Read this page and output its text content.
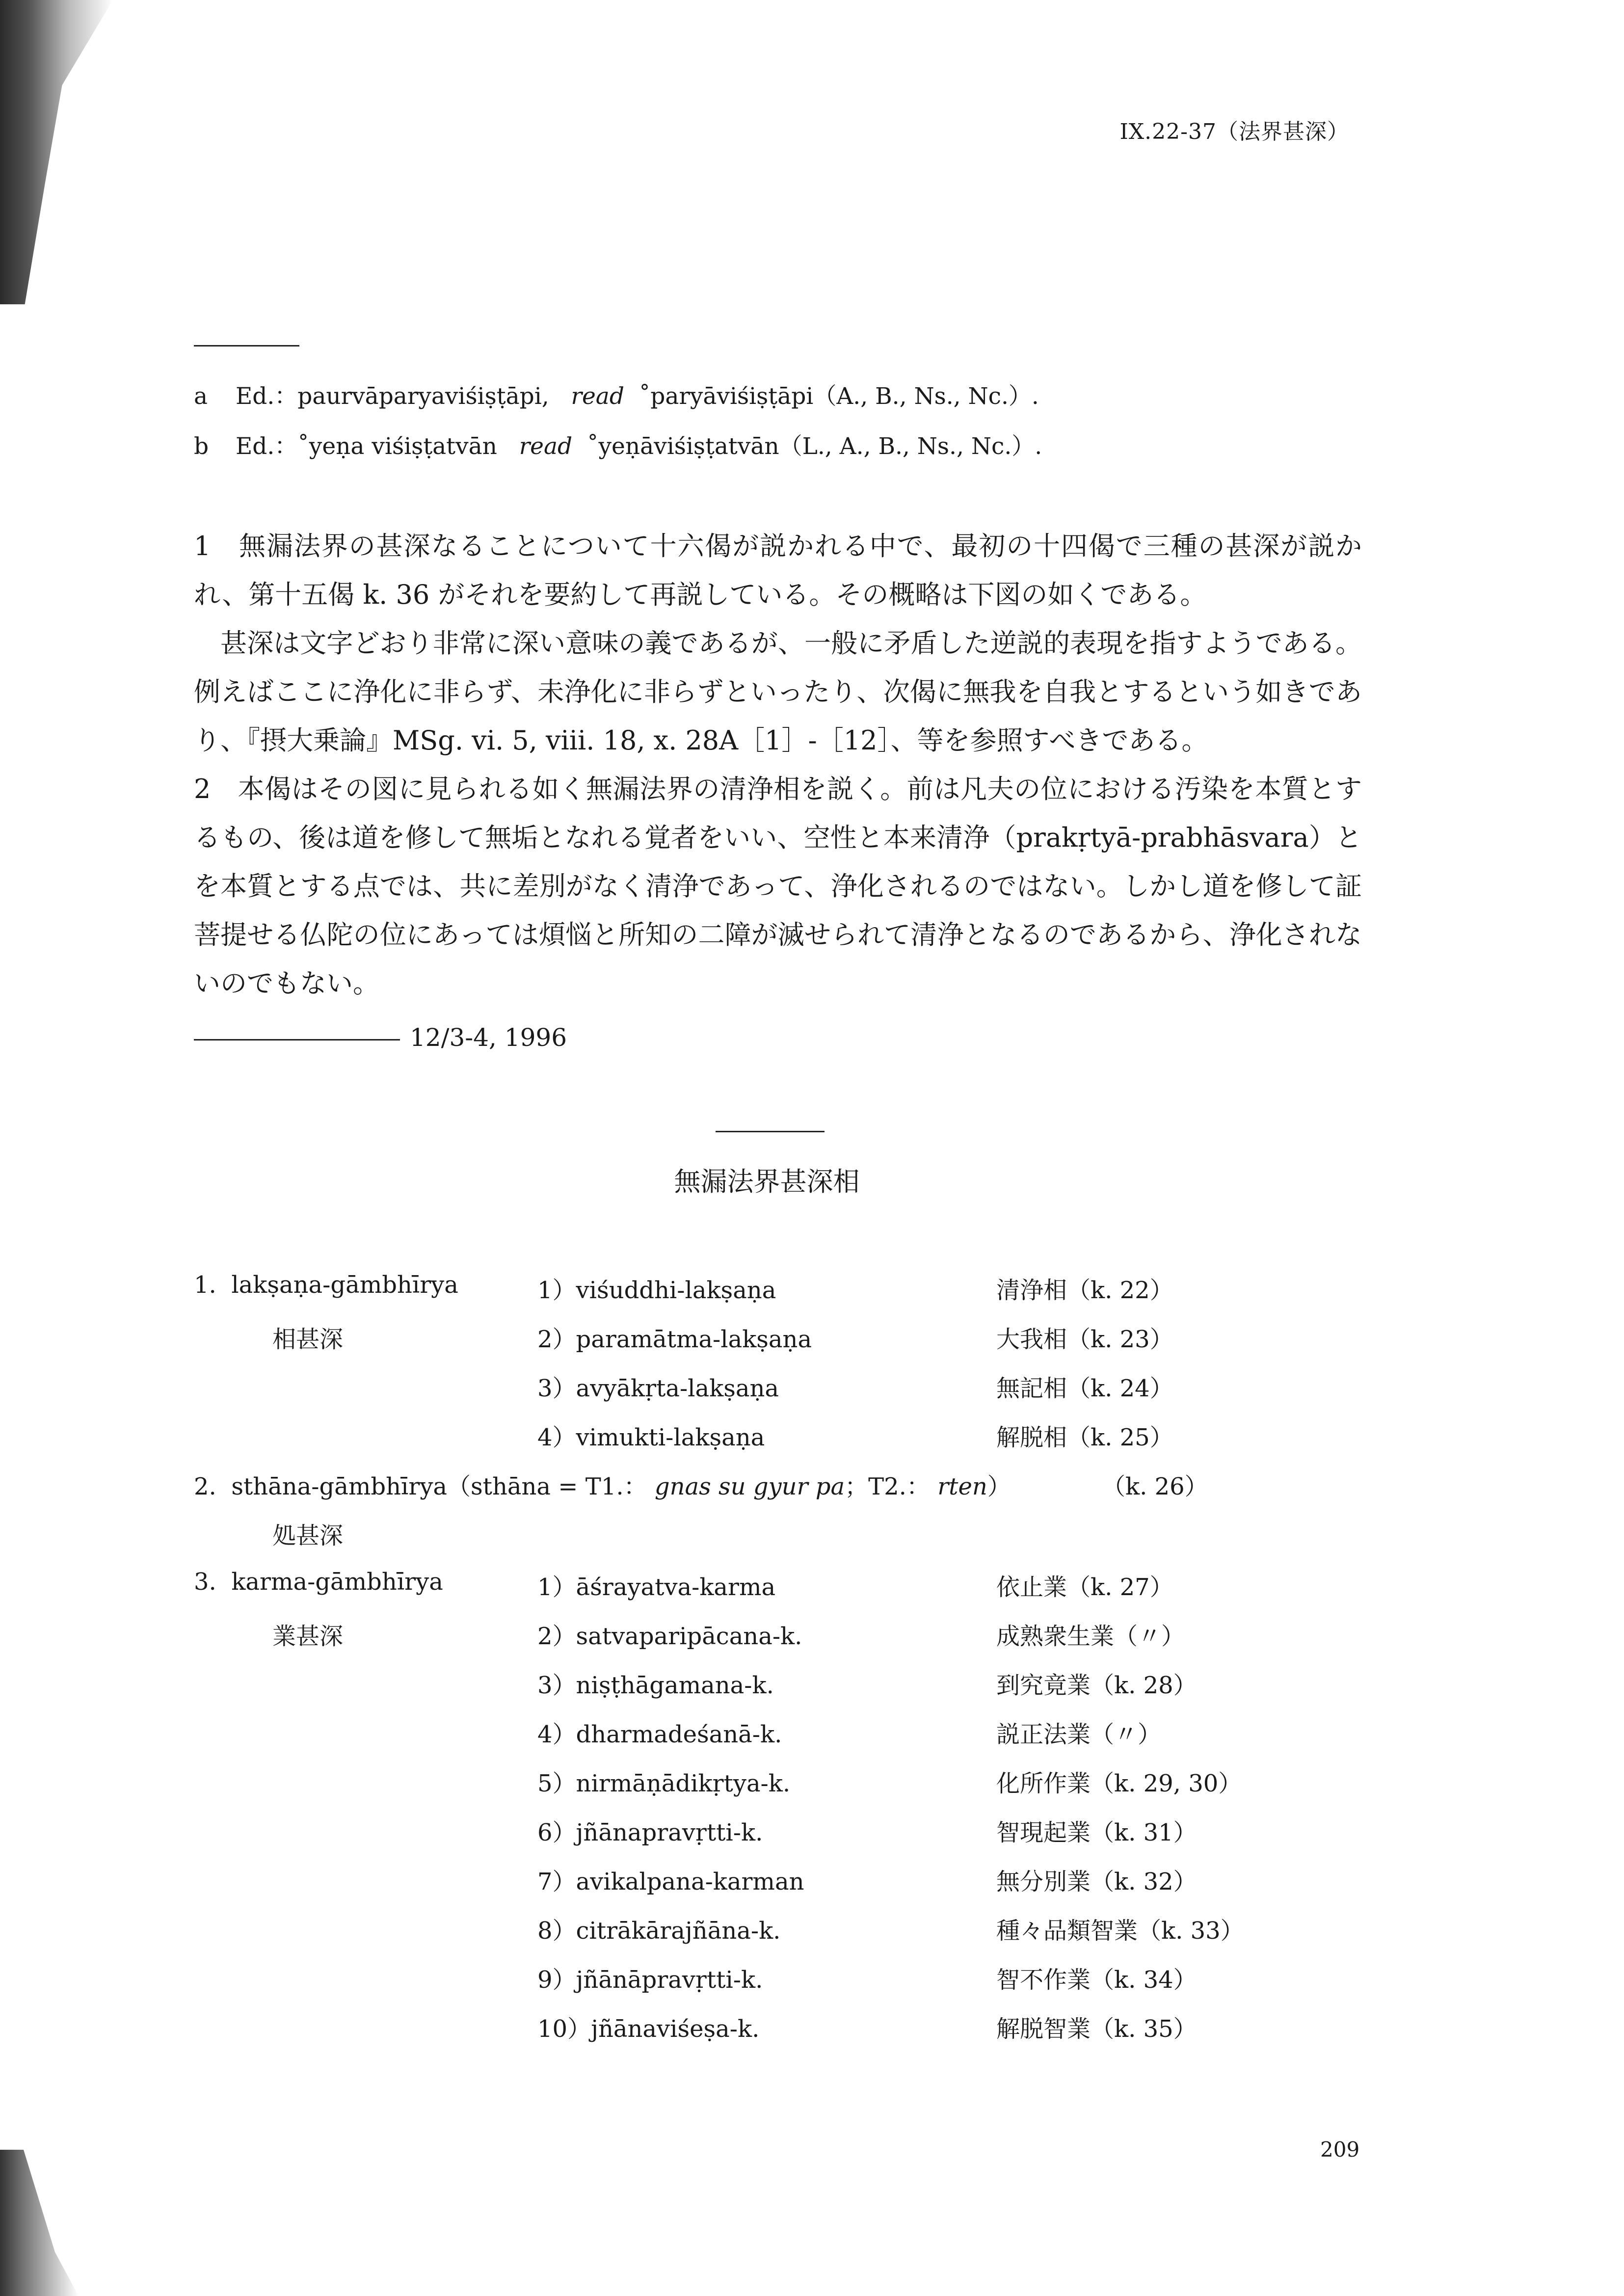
IX.22-37（法界甚深）
a Ed.：paurvāparyaviśiṣṭāpi, read ˚paryāviśiṣṭāpi（A., B., Ns., Nc.）.
b Ed.：˚yeṇa viśiṣṭatvān read ˚yeṇāviśiṣṭatvān（L., A., B., Ns., Nc.）.

1　無漏法界の甚深なることについて十六偈が説かれる中で、最初の十四偈で三種の甚深が説かれ、第十五偈 k. 36 がそれを要約して再説している。その概略は下図の如くである。

甚深は文字どおり非常に深い意味の義であるが、一般に矛盾した逆説的表現を指すようである。例えばここに浄化に非らず、未浄化に非らずといったり、次偈に無我を自我とするという如きであり、『摂大乗論』MSg. vi. 5, viii. 18, x. 28A［1］-［12］、等を参照すべきである。

2　本偈はその図に見られる如く無漏法界の清浄相を説く。前は凡夫の位における汚染を本質とするもの、後は道を修して無垢となれる覚者をいい、空性と本来清浄（prakṛtyā-prabhāsvara）とを本質とする点では、共に差別がなく清浄であって、浄化されるのではない。しかし道を修して証菩提せる仏陀の位にあっては煩悩と所知の二障が滅せられて清浄となるのであるから、浄化されないのでもない。

12/3-4, 1996
無漏法界甚深相
1. lakṣaṇa-gāmbhīrya
相甚深
1）viśuddhi-lakṣaṇa	清浄相（k. 22）
2）paramātma-lakṣaṇa	大我相（k. 23）
3）avyākṛta-lakṣaṇa	無記相（k. 24）
4）vimukti-lakṣaṇa	解脱相（k. 25）
2. sthāna-gāmbhīrya（sthāna = T1.： gnas su gyur pa；T2.： rten）	（k. 26）
処甚深
3. karma-gāmbhīrya
業甚深
1）āśrayatva-karma	依止業（k. 27）
2）satvaparipācana-k.	成熟衆生業（〃）
3）niṣṭhāgamana-k.	到究竟業（k. 28）
4）dharmadeśanā-k.	説正法業（〃）
5）nirmāṇādikṛtya-k.	化所作業（k. 29, 30）
6）jñānapravṛtti-k.	智現起業（k. 31）
7）avikalpana-karman	無分別業（k. 32）
8）citrākārajñāna-k.	種々品類智業（k. 33）
9）jñānāpravṛtti-k.	智不作業（k. 34）
10）jñānaviśeṣa-k.	解脱智業（k. 35）
209
